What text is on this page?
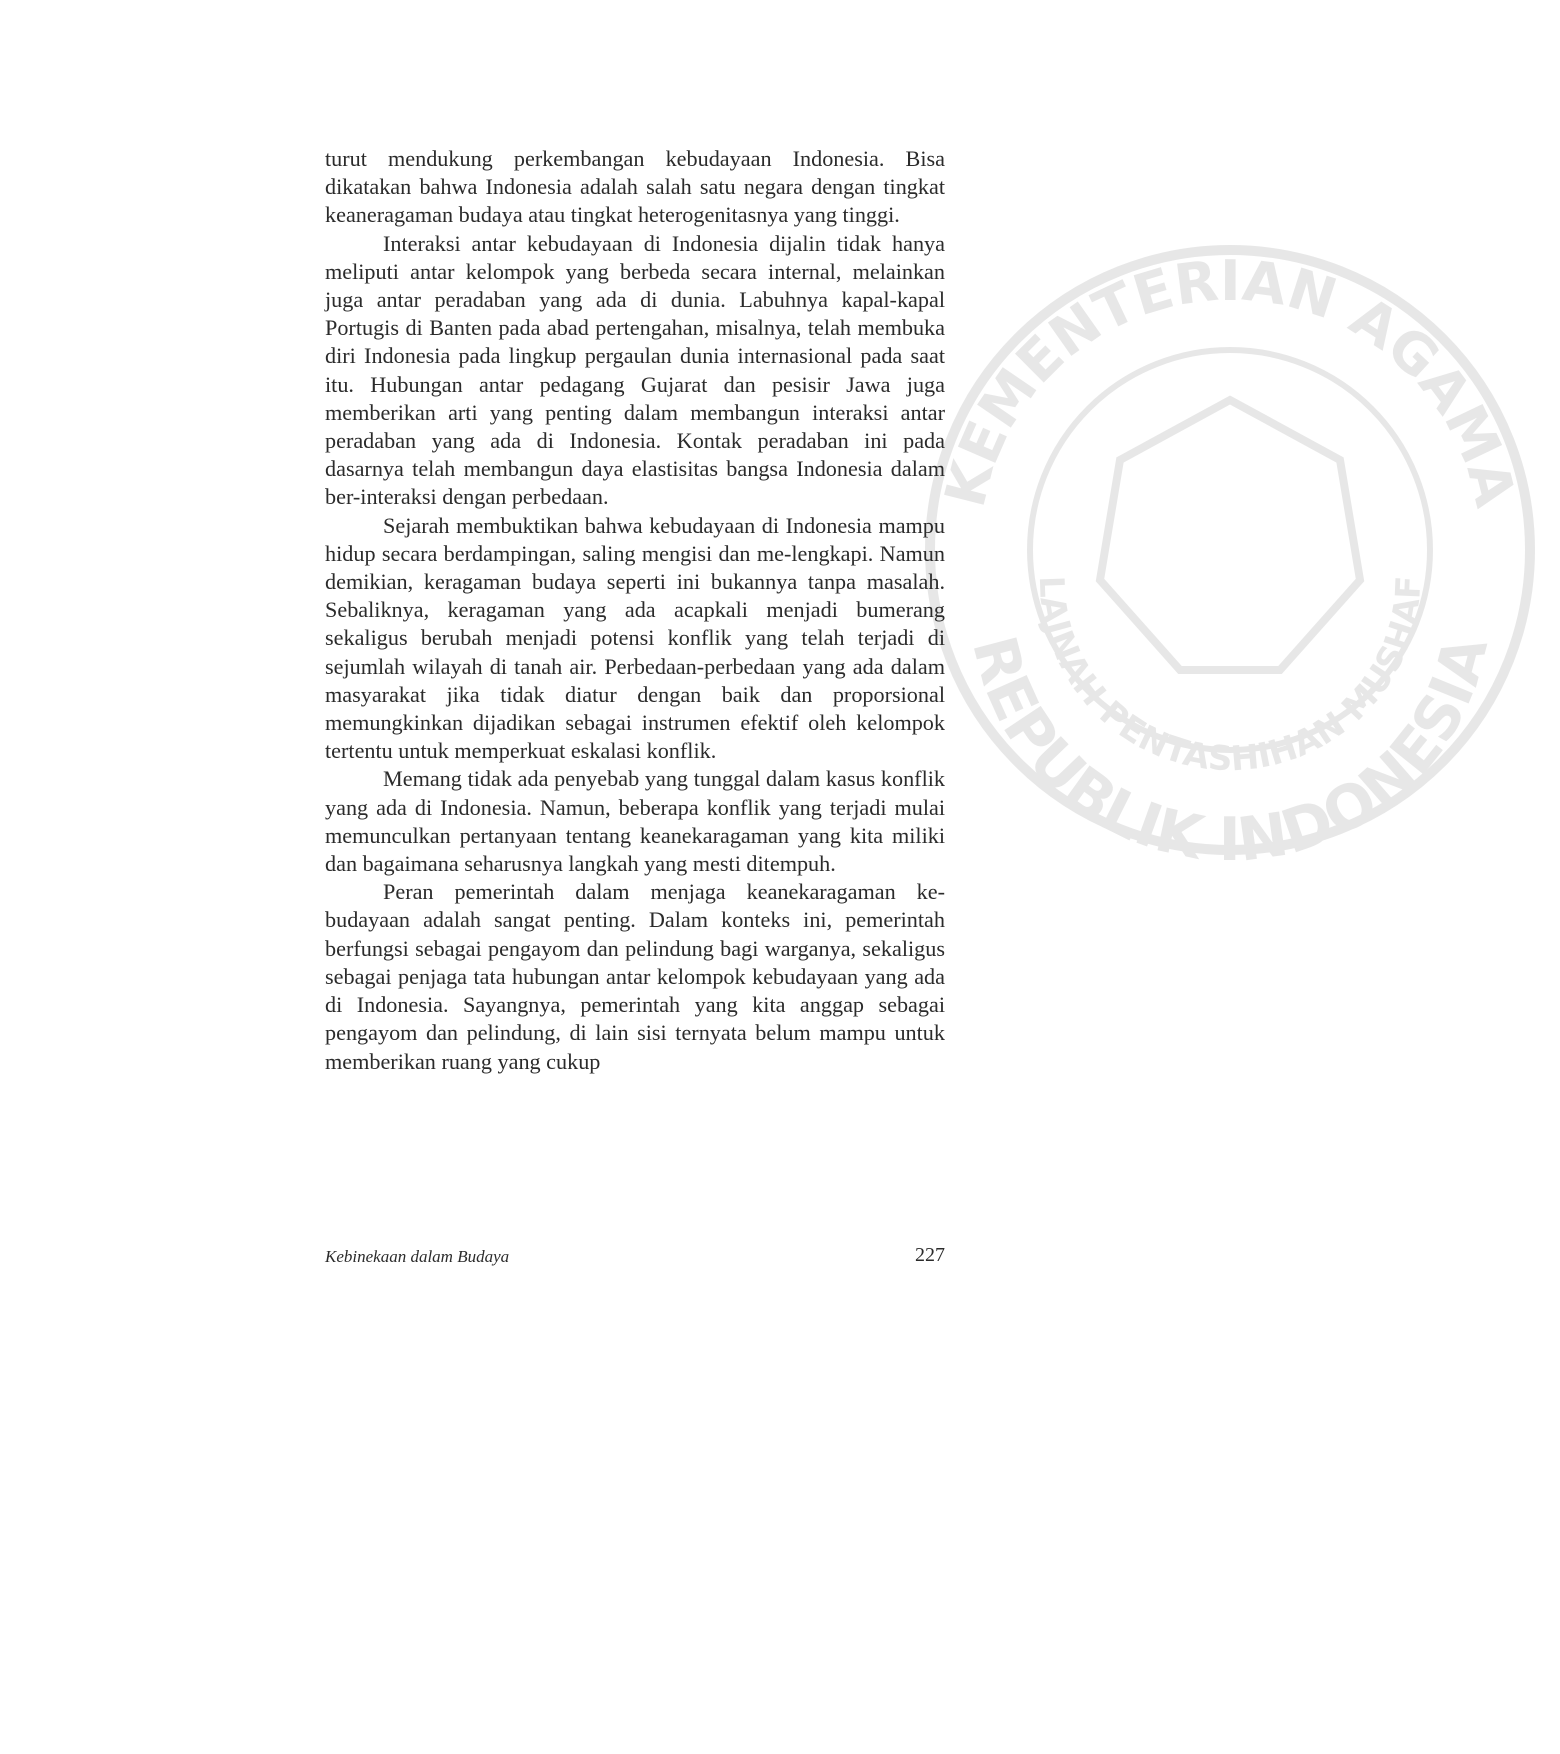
KEMENTERIAN AGAMA
LAJNAH PENTASHIHAN MUSHAF
REPUBLIK INDONESIA

turut mendukung perkembangan kebudayaan Indonesia. Bisa dikatakan bahwa Indonesia adalah salah satu negara dengan tingkat keaneragaman budaya atau tingkat heterogenitasnya yang tinggi.

Interaksi antar kebudayaan di Indonesia dijalin tidak hanya meliputi antar kelompok yang berbeda secara internal, melainkan juga antar peradaban yang ada di dunia. Labuhnya kapal-kapal Portugis di Banten pada abad pertengahan, misalnya, telah membuka diri Indonesia pada lingkup pergaulan dunia internasional pada saat itu. Hubungan antar pedagang Gujarat dan pesisir Jawa juga memberikan arti yang penting dalam membangun interaksi antar peradaban yang ada di Indonesia. Kontak peradaban ini pada dasarnya telah membangun daya elastisitas bangsa Indonesia dalam ber-interaksi dengan perbedaan.

Sejarah membuktikan bahwa kebudayaan di Indonesia mampu hidup secara berdampingan, saling mengisi dan me-lengkapi. Namun demikian, keragaman budaya seperti ini bukannya tanpa masalah. Sebaliknya, keragaman yang ada acapkali menjadi bumerang sekaligus berubah menjadi potensi konflik yang telah terjadi di sejumlah wilayah di tanah air. Perbedaan-perbedaan yang ada dalam masyarakat jika tidak diatur dengan baik dan proporsional memungkinkan dijadikan sebagai instrumen efektif oleh kelompok tertentu untuk memperkuat eskalasi konflik.

Memang tidak ada penyebab yang tunggal dalam kasus konflik yang ada di Indonesia. Namun, beberapa konflik yang terjadi mulai memunculkan pertanyaan tentang keanekaragaman yang kita miliki dan bagaimana seharusnya langkah yang mesti ditempuh.

Peran pemerintah dalam menjaga keanekaragaman ke-budayaan adalah sangat penting. Dalam konteks ini, pemerintah berfungsi sebagai pengayom dan pelindung bagi warganya, sekaligus sebagai penjaga tata hubungan antar kelompok kebudayaan yang ada di Indonesia. Sayangnya, pemerintah yang kita anggap sebagai pengayom dan pelindung, di lain sisi ternyata belum mampu untuk memberikan ruang yang cukup

Kebinekaan dalam Budaya	227
